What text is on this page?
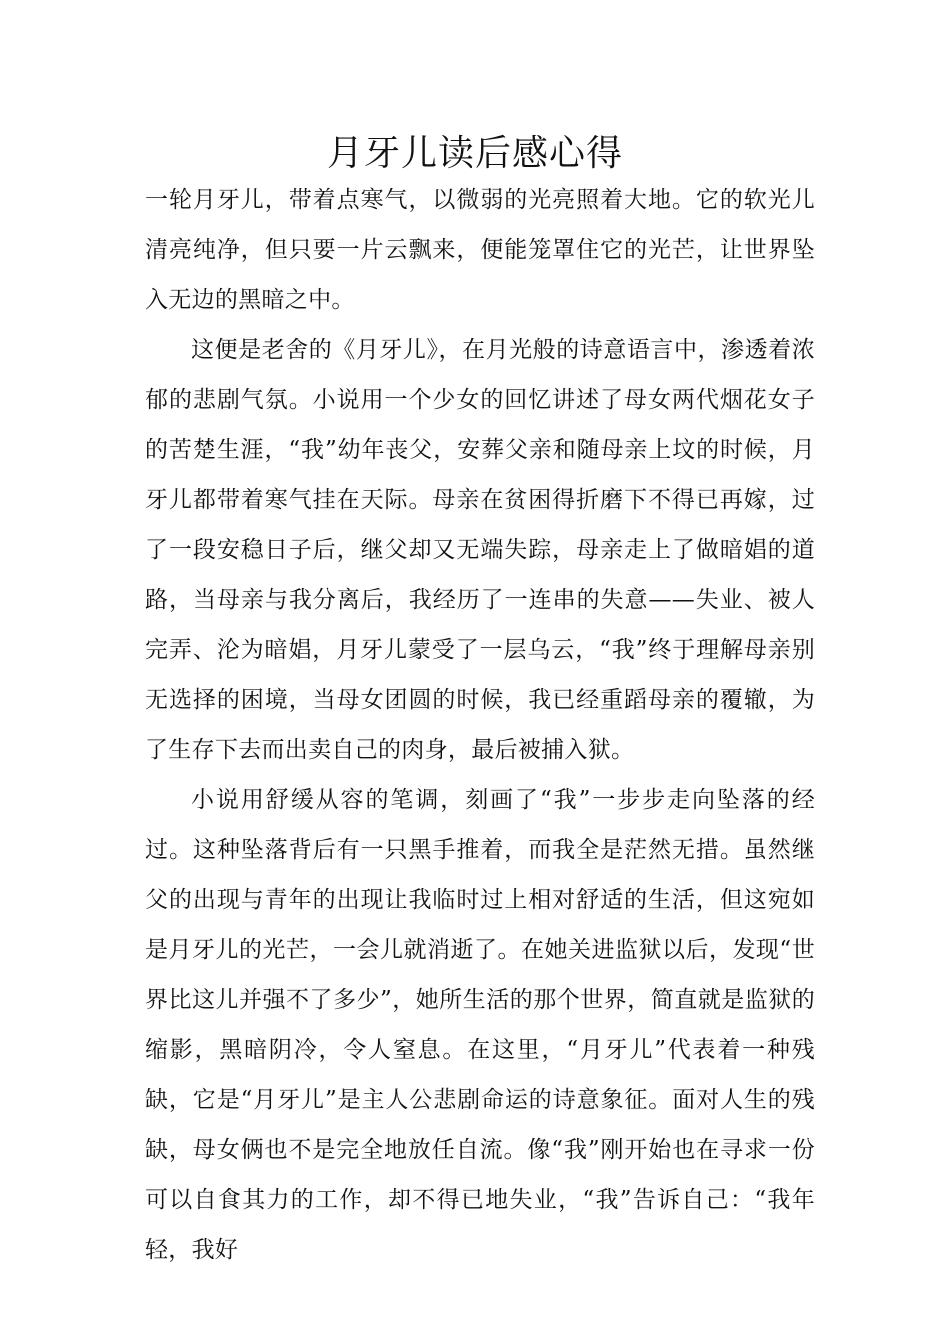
月牙儿读后感心得

一轮月牙儿，带着点寒气，以微弱的光亮照着大地。它的软光儿清亮纯净，但只要一片云飘来，便能笼罩住它的光芒，让世界坠入无边的黑暗之中。

这便是老舍的《月牙儿》，在月光般的诗意语言中，渗透着浓郁的悲剧气氛。小说用一个少女的回忆讲述了母女两代烟花女子的苦楚生涯，“我”幼年丧父，安葬父亲和随母亲上坟的时候，月牙儿都带着寒气挂在天际。母亲在贫困得折磨下不得已再嫁，过了一段安稳日子后，继父却又无端失踪，母亲走上了做暗娼的道路，当母亲与我分离后，我经历了一连串的失意——失业、被人完弄、沦为暗娼，月牙儿蒙受了一层乌云，“我”终于理解母亲别无选择的困境，当母女团圆的时候，我已经重蹈母亲的覆辙，为了生存下去而出卖自己的肉身，最后被捕入狱。

小说用舒缓从容的笔调，刻画了“我”一步步走向坠落的经过。这种坠落背后有一只黑手推着，而我全是茫然无措。虽然继父的出现与青年的出现让我临时过上相对舒适的生活，但这宛如是月牙儿的光芒，一会儿就消逝了。在她关进监狱以后，发现“世界比这儿并强不了多少”，她所生活的那个世界，简直就是监狱的缩影，黑暗阴冷，令人窒息。在这里，“月牙儿”代表着一种残缺，它是“月牙儿”是主人公悲剧命运的诗意象征。面对人生的残缺，母女俩也不是完全地放任自流。像“我”刚开始也在寻求一份可以自食其力的工作，却不得已地失业，“我”告诉自己：“我年轻，我好
